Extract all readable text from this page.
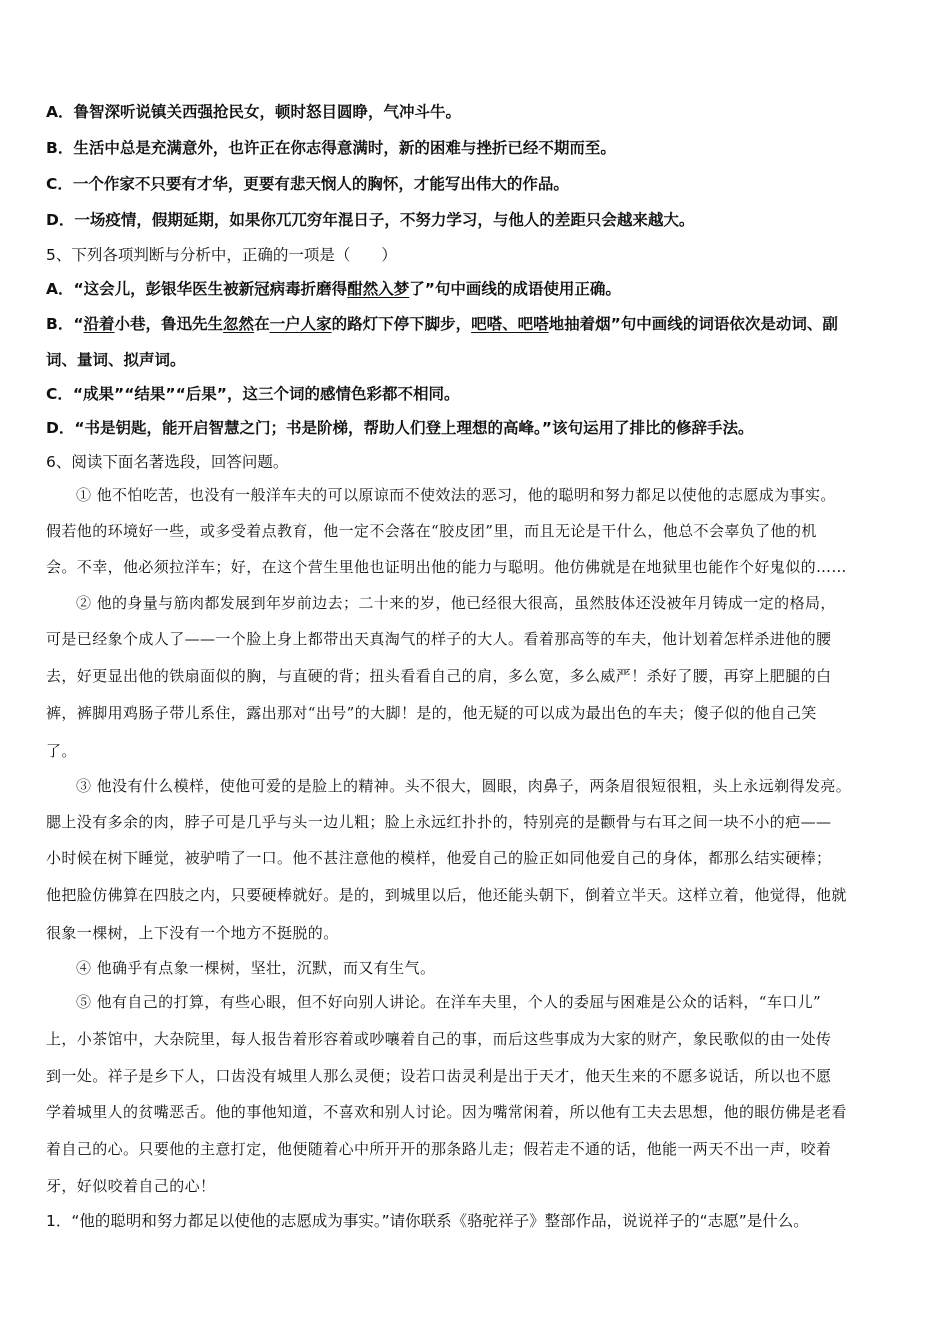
A．鲁智深听说镇关西强抢民女，顿时怒目圆睁，气冲斗牛。
B．生活中总是充满意外，也许正在你志得意满时，新的困难与挫折已经不期而至。
C．一个作家不只要有才华，更要有悲天悯人的胸怀，才能写出伟大的作品。
D．一场疫情，假期延期，如果你兀兀穷年混日子，不努力学习，与他人的差距只会越来越大。
5、下列各项判断与分析中，正确的一项是（　　）
A．“这会儿，彭银华医生被新冠病毒折磨得酣然入梦了”句中画线的成语使用正确。
B．“沿着小巷，鲁迅先生忽然在一户人家的路灯下停下脚步，吧嗒、吧嗒地抽着烟”句中画线的词语依次是动词、副
词、量词、拟声词。
C．“成果”“结果”“后果”，这三个词的感情色彩都不相同。
D．“书是钥匙，能开启智慧之门；书是阶梯，帮助人们登上理想的高峰。”该句运用了排比的修辞手法。
6、阅读下面名著选段，回答问题。
① 他不怕吃苦，也没有一般洋车夫的可以原谅而不使效法的恶习，他的聪明和努力都足以使他的志愿成为事实。
假若他的环境好一些，或多受着点教育，他一定不会落在“胶皮团”里，而且无论是干什么，他总不会辜负了他的机
会。不幸，他必须拉洋车；好，在这个营生里他也证明出他的能力与聪明。他仿佛就是在地狱里也能作个好鬼似的……
② 他的身量与筋肉都发展到年岁前边去；二十来的岁，他已经很大很高，虽然肢体还没被年月铸成一定的格局，
可是已经象个成人了——一个脸上身上都带出天真淘气的样子的大人。看着那高等的车夫，他计划着怎样杀进他的腰
去，好更显出他的铁扇面似的胸，与直硬的背；扭头看看自己的肩，多么宽，多么威严！杀好了腰，再穿上肥腿的白
裤，裤脚用鸡肠子带儿系住，露出那对“出号”的大脚！是的，他无疑的可以成为最出色的车夫；傻子似的他自己笑
了。
③ 他没有什么模样，使他可爱的是脸上的精神。头不很大，圆眼，肉鼻子，两条眉很短很粗，头上永远剃得发亮。
腮上没有多余的肉，脖子可是几乎与头一边儿粗；脸上永远红扑扑的，特别亮的是颧骨与右耳之间一块不小的疤——
小时候在树下睡觉，被驴啃了一口。他不甚注意他的模样，他爱自己的脸正如同他爱自己的身体，都那么结实硬棒；
他把脸仿佛算在四肢之内，只要硬棒就好。是的，到城里以后，他还能头朝下，倒着立半天。这样立着，他觉得，他就
很象一棵树，上下没有一个地方不挺脱的。
④ 他确乎有点象一棵树，坚壮，沉默，而又有生气。
⑤ 他有自己的打算，有些心眼，但不好向别人讲论。在洋车夫里，个人的委屈与困难是公众的话料，“车口儿”
上，小茶馆中，大杂院里，每人报告着形容着或吵嚷着自己的事，而后这些事成为大家的财产，象民歌似的由一处传
到一处。祥子是乡下人，口齿没有城里人那么灵便；设若口齿灵利是出于天才，他天生来的不愿多说话，所以也不愿
学着城里人的贫嘴恶舌。他的事他知道，不喜欢和别人讨论。因为嘴常闲着，所以他有工夫去思想，他的眼仿佛是老看
着自己的心。只要他的主意打定，他便随着心中所开开的那条路儿走；假若走不通的话，他能一两天不出一声，咬着
牙，好似咬着自己的心！
1．“他的聪明和努力都足以使他的志愿成为事实。”请你联系《骆驼祥子》整部作品，说说祥子的“志愿”是什么。
